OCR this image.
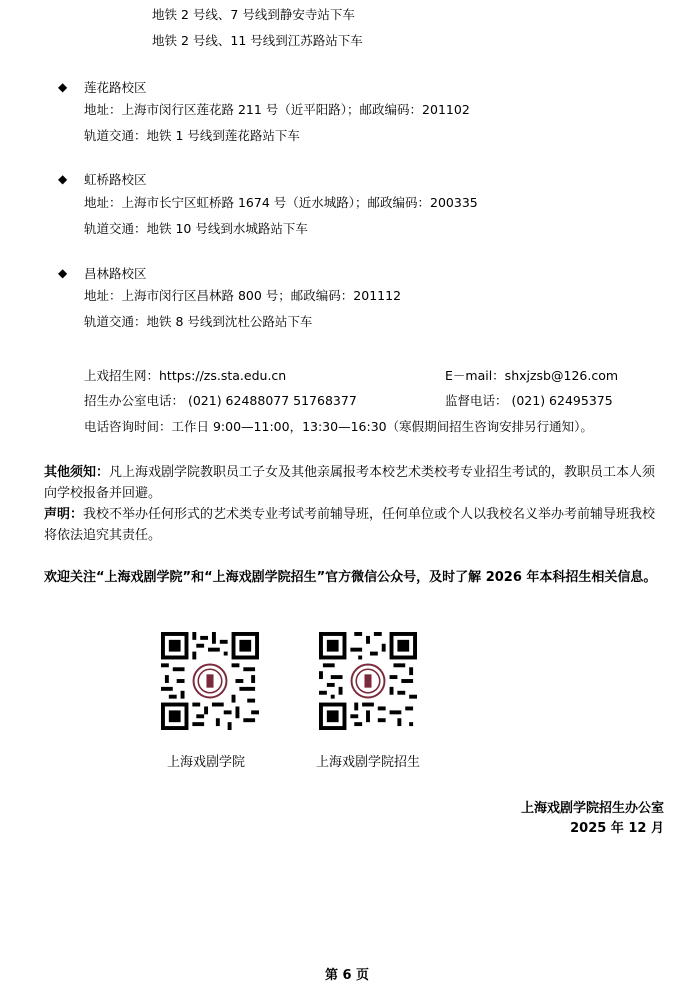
地铁 2 号线、7 号线到静安寺站下车
地铁 2 号线、11 号线到江苏路站下车
◆ 莲花路校区
地址：上海市闵行区莲花路 211 号（近平阳路）；邮政编码：201102
轨道交通：地铁 1 号线到莲花路站下车
◆ 虹桥路校区
地址：上海市长宁区虹桥路 1674 号（近水城路）；邮政编码：200335
轨道交通：地铁 10 号线到水城路站下车
◆ 昌林路校区
地址：上海市闵行区昌林路 800 号；邮政编码：201112
轨道交通：地铁 8 号线到沈杜公路站下车
上戏招生网：https://zs.sta.edu.cn	E－mail：shxjzsb@126.com
招生办公室电话： (021) 62488077 51768377	监督电话： (021) 62495375
电话咨询时间：工作日 9:00—11:00，13:30—16:30（寒假期间招生咨询安排另行通知）。
其他须知：凡上海戏剧学院教职员工子女及其他亲属报考本校艺术类校考专业招生考试的，教职员工本人须向学校报备并回避。
声明：我校不举办任何形式的艺术类专业考试考前辅导班，任何单位或个人以我校名义举办考前辅导班我校将依法追究其责任。
欢迎关注“上海戏剧学院”和“上海戏剧学院招生”官方微信公众号，及时了解 2026 年本科招生相关信息。
上海戏剧学院	上海戏剧学院招生
上海戏剧学院招生办公室
2025 年 12 月
第 6 页
